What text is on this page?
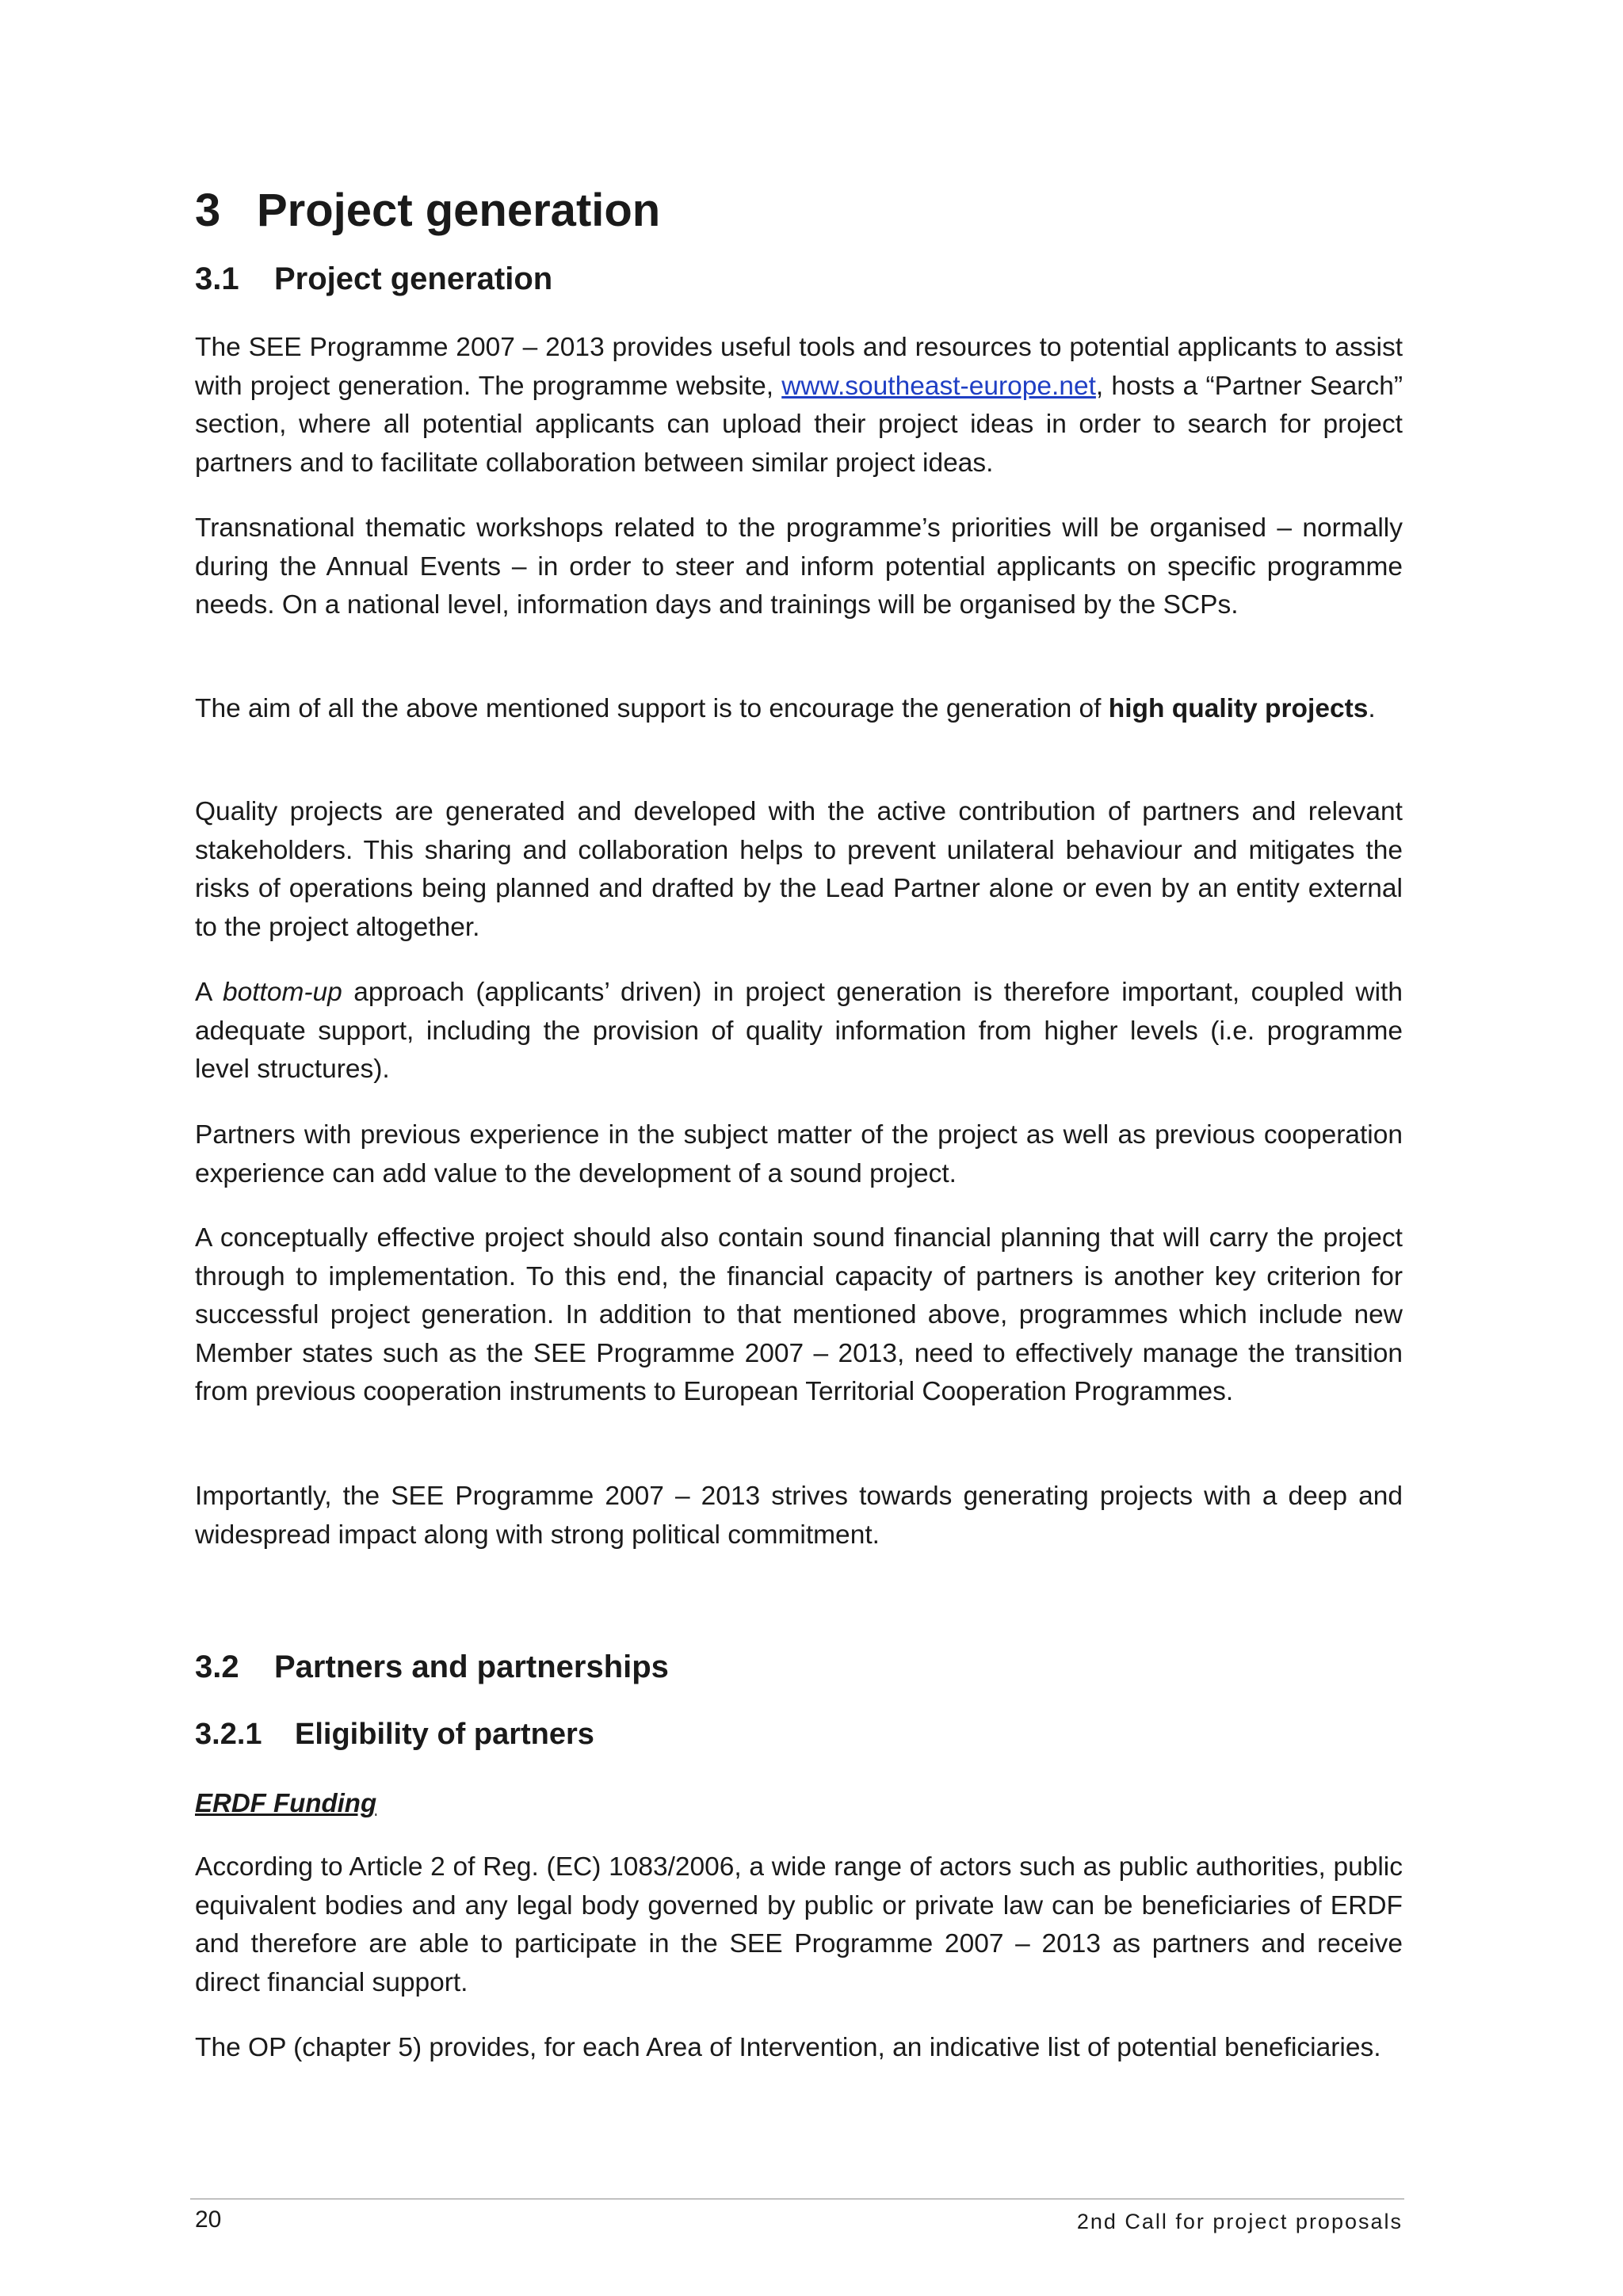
3 Project generation
3.1 Project generation

The SEE Programme 2007 – 2013 provides useful tools and resources to potential applicants to assist with project generation. The programme website, www.southeast-europe.net, hosts a “Partner Search” section, where all potential applicants can upload their project ideas in order to search for project partners and to facilitate collaboration between similar project ideas.

Transnational thematic workshops related to the programme’s priorities will be organised – normally during the Annual Events – in order to steer and inform potential applicants on specific programme needs. On a national level, information days and trainings will be organised by the SCPs.

The aim of all the above mentioned support is to encourage the generation of high quality projects.

Quality projects are generated and developed with the active contribution of partners and relevant stakeholders. This sharing and collaboration helps to prevent unilateral behaviour and mitigates the risks of operations being planned and drafted by the Lead Partner alone or even by an entity external to the project altogether.

A bottom-up approach (applicants’ driven) in project generation is therefore important, coupled with adequate support, including the provision of quality information from higher levels (i.e. programme level structures).

Partners with previous experience in the subject matter of the project as well as previous cooperation experience can add value to the development of a sound project.

A conceptually effective project should also contain sound financial planning that will carry the project through to implementation. To this end, the financial capacity of partners is another key criterion for successful project generation. In addition to that mentioned above, programmes which include new Member states such as the SEE Programme 2007 – 2013, need to effectively manage the transition from previous cooperation instruments to European Territorial Cooperation Programmes.

Importantly, the SEE Programme 2007 – 2013 strives towards generating projects with a deep and widespread impact along with strong political commitment.

3.2 Partners and partnerships
3.2.1 Eligibility of partners
ERDF Funding

According to Article 2 of Reg. (EC) 1083/2006, a wide range of actors such as public authorities, public equivalent bodies and any legal body governed by public or private law can be beneficiaries of ERDF and therefore are able to participate in the SEE Programme 2007 – 2013 as partners and receive direct financial support.

The OP (chapter 5) provides, for each Area of Intervention, an indicative list of potential beneficiaries.

20	2nd Call for project proposals
